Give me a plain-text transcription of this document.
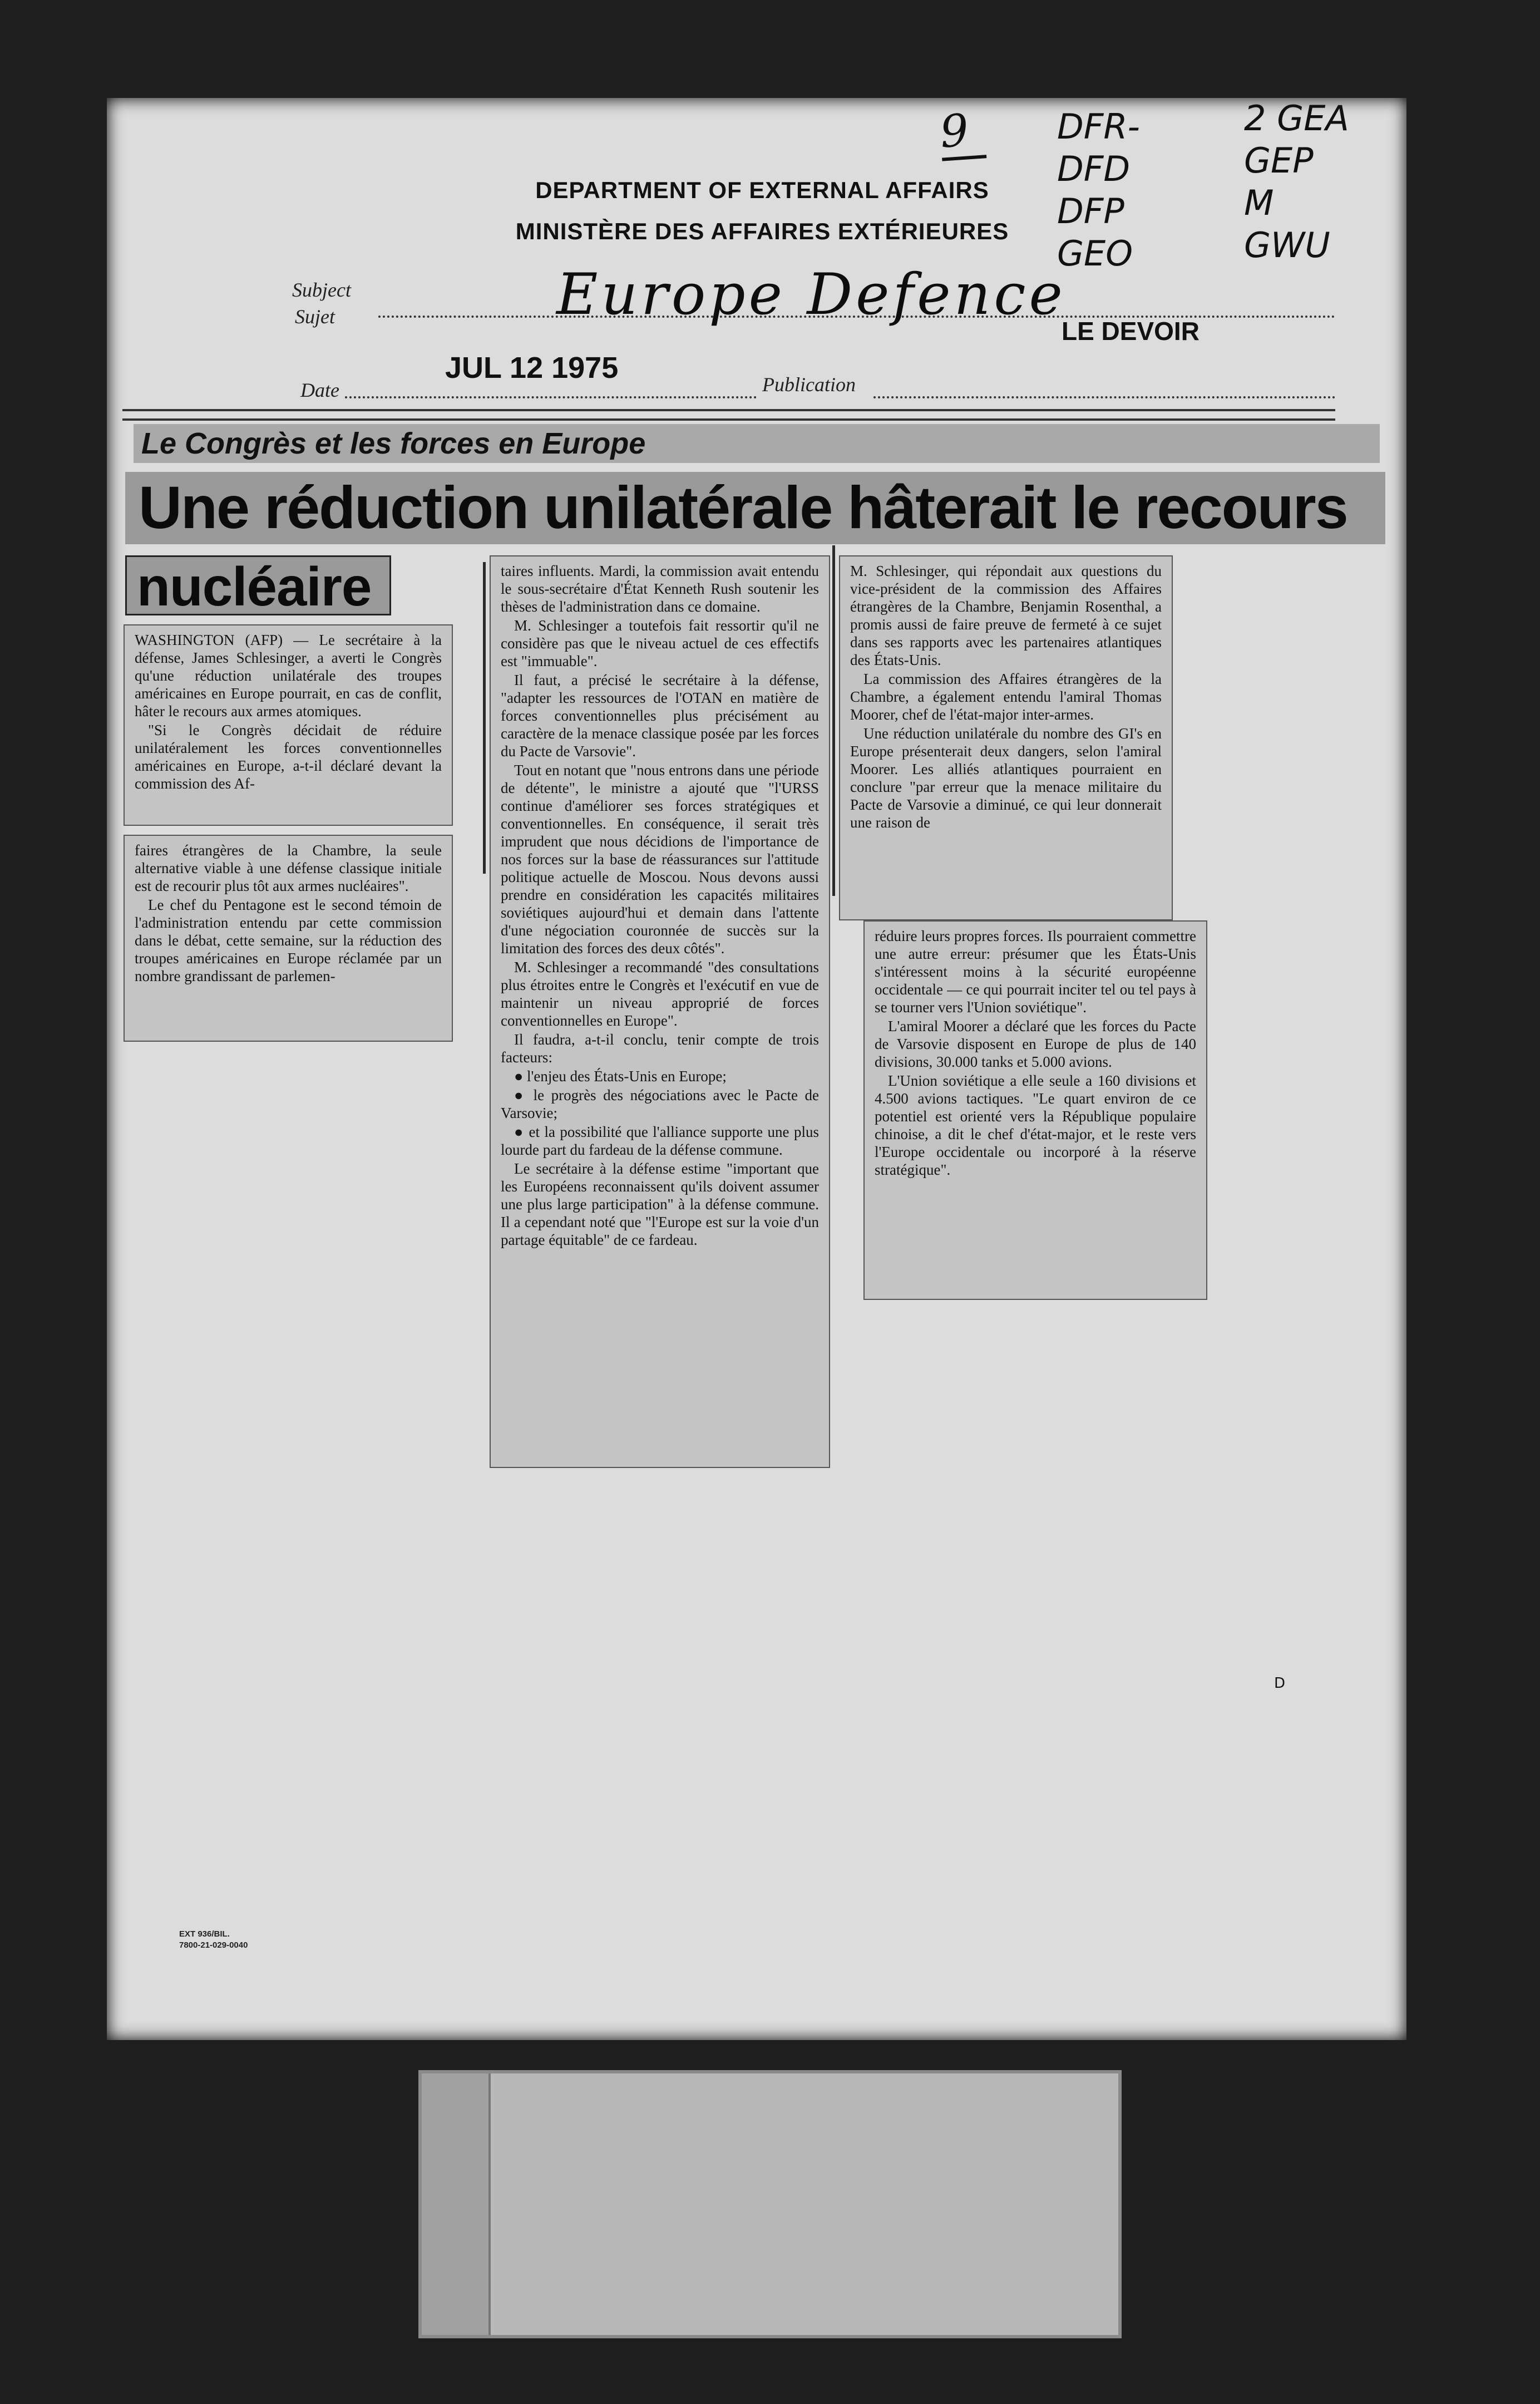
9	DFR-
DFD
DFP
GEO
2 GEA
GEP
M
GWU
DEPARTMENT OF EXTERNAL AFFAIRS
MINISTÈRE DES AFFAIRES EXTÉRIEURES
Subject
Sujet	Europe Defence
LE DEVOIR
JUL 12 1975
Date	Publication
Le Congrès et les forces en Europe
Une réduction unilatérale hâterait le recours
nucléaire

WASHINGTON (AFP) — Le secrétaire à la défense, James Schlesinger, a averti le Congrès qu'une réduction unilatérale des troupes américaines en Europe pourrait, en cas de conflit, hâter le recours aux armes atomiques.

"Si le Congrès décidait de réduire unilatéralement les forces conventionnelles américaines en Europe, a-t-il déclaré devant la commission des Af-

faires étrangères de la Chambre, la seule alternative viable à une défense classique initiale est de recourir plus tôt aux armes nucléaires".

Le chef du Pentagone est le second témoin de l'administration entendu par cette commission dans le débat, cette semaine, sur la réduction des troupes américaines en Europe réclamée par un nombre grandissant de parlemen-

taires influents. Mardi, la commission avait entendu le sous-secrétaire d'État Kenneth Rush soutenir les thèses de l'administration dans ce domaine.

M. Schlesinger a toutefois fait ressortir qu'il ne considère pas que le niveau actuel de ces effectifs est "immuable".

Il faut, a précisé le secrétaire à la défense, "adapter les ressources de l'OTAN en matière de forces conventionnelles plus précisément au caractère de la menace classique posée par les forces du Pacte de Varsovie".

Tout en notant que "nous entrons dans une période de détente", le ministre a ajouté que "l'URSS continue d'améliorer ses forces stratégiques et conventionnelles. En conséquence, il serait très imprudent que nous décidions de l'importance de nos forces sur la base de réassurances sur l'attitude politique actuelle de Moscou. Nous devons aussi prendre en considération les capacités militaires soviétiques aujourd'hui et demain dans l'attente d'une négociation couronnée de succès sur la limitation des forces des deux côtés".

M. Schlesinger a recommandé "des consultations plus étroites entre le Congrès et l'exécutif en vue de maintenir un niveau approprié de forces conventionnelles en Europe".

Il faudra, a-t-il conclu, tenir compte de trois facteurs:

● l'enjeu des États-Unis en Europe;

● le progrès des négociations avec le Pacte de Varsovie;

● et la possibilité que l'alliance supporte une plus lourde part du fardeau de la défense commune.

Le secrétaire à la défense estime "important que les Européens reconnaissent qu'ils doivent assumer une plus large participation" à la défense commune. Il a cependant noté que "l'Europe est sur la voie d'un partage équitable" de ce fardeau.

M. Schlesinger, qui répondait aux questions du vice-président de la commission des Affaires étrangères de la Chambre, Benjamin Rosenthal, a promis aussi de faire preuve de fermeté à ce sujet dans ses rapports avec les partenaires atlantiques des États-Unis.

La commission des Affaires étrangères de la Chambre, a également entendu l'amiral Thomas Moorer, chef de l'état-major inter-armes.

Une réduction unilatérale du nombre des GI's en Europe présenterait deux dangers, selon l'amiral Moorer. Les alliés atlantiques pourraient en conclure "par erreur que la menace militaire du Pacte de Varsovie a diminué, ce qui leur donnerait une raison de

réduire leurs propres forces. Ils pourraient commettre une autre erreur: présumer que les États-Unis s'intéressent moins à la sécurité européenne occidentale — ce qui pourrait inciter tel ou tel pays à se tourner vers l'Union soviétique".

L'amiral Moorer a déclaré que les forces du Pacte de Varsovie disposent en Europe de plus de 140 divisions, 30.000 tanks et 5.000 avions.

L'Union soviétique a elle seule a 160 divisions et 4.500 avions tactiques. "Le quart environ de ce potentiel est orienté vers la République populaire chinoise, a dit le chef d'état-major, et le reste vers l'Europe occidentale ou incorporé à la réserve stratégique".

D
EXT 936/BIL.
7800-21-029-0040
